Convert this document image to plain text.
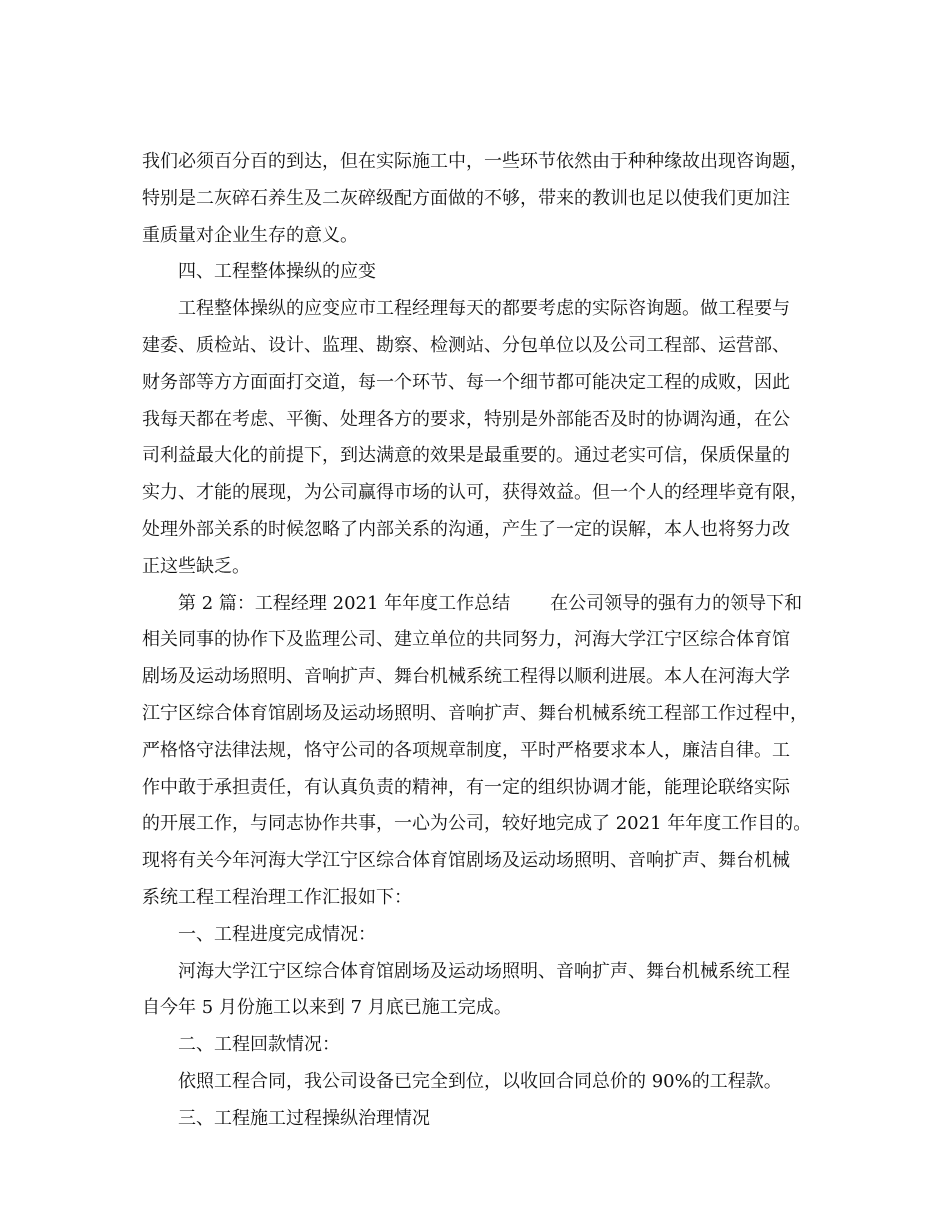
我们必须百分百的到达，但在实际施工中，一些环节依然由于种种缘故出现咨询题，
特别是二灰碎石养生及二灰碎级配方面做的不够，带来的教训也足以使我们更加注
重质量对企业生存的意义。
四、工程整体操纵的应变
工程整体操纵的应变应市工程经理每天的都要考虑的实际咨询题。做工程要与
建委、质检站、设计、监理、勘察、检测站、分包单位以及公司工程部、运营部、
财务部等方方面面打交道，每一个环节、每一个细节都可能决定工程的成败，因此
我每天都在考虑、平衡、处理各方的要求，特别是外部能否及时的协调沟通，在公
司利益最大化的前提下，到达满意的效果是最重要的。通过老实可信，保质保量的
实力、才能的展现，为公司赢得市场的认可，获得效益。但一个人的经理毕竟有限，
处理外部关系的时候忽略了内部关系的沟通，产生了一定的误解，本人也将努力改
正这些缺乏。
第 2 篇：工程经理 2021 年年度工作总结 在公司领导的强有力的领导下和
相关同事的协作下及监理公司、建立单位的共同努力，河海大学江宁区综合体育馆
剧场及运动场照明、音响扩声、舞台机械系统工程得以顺利进展。本人在河海大学
江宁区综合体育馆剧场及运动场照明、音响扩声、舞台机械系统工程部工作过程中，
严格恪守法律法规，恪守公司的各项规章制度，平时严格要求本人，廉洁自律。工
作中敢于承担责任，有认真负责的精神，有一定的组织协调才能，能理论联络实际
的开展工作，与同志协作共事，一心为公司，较好地完成了 2021 年年度工作目的。
现将有关今年河海大学江宁区综合体育馆剧场及运动场照明、音响扩声、舞台机械
系统工程工程治理工作汇报如下：
一、工程进度完成情况：
河海大学江宁区综合体育馆剧场及运动场照明、音响扩声、舞台机械系统工程
自今年 5 月份施工以来到 7 月底已施工完成。
二、工程回款情况：
依照工程合同，我公司设备已完全到位，以收回合同总价的 90%的工程款。
三、工程施工过程操纵治理情况
